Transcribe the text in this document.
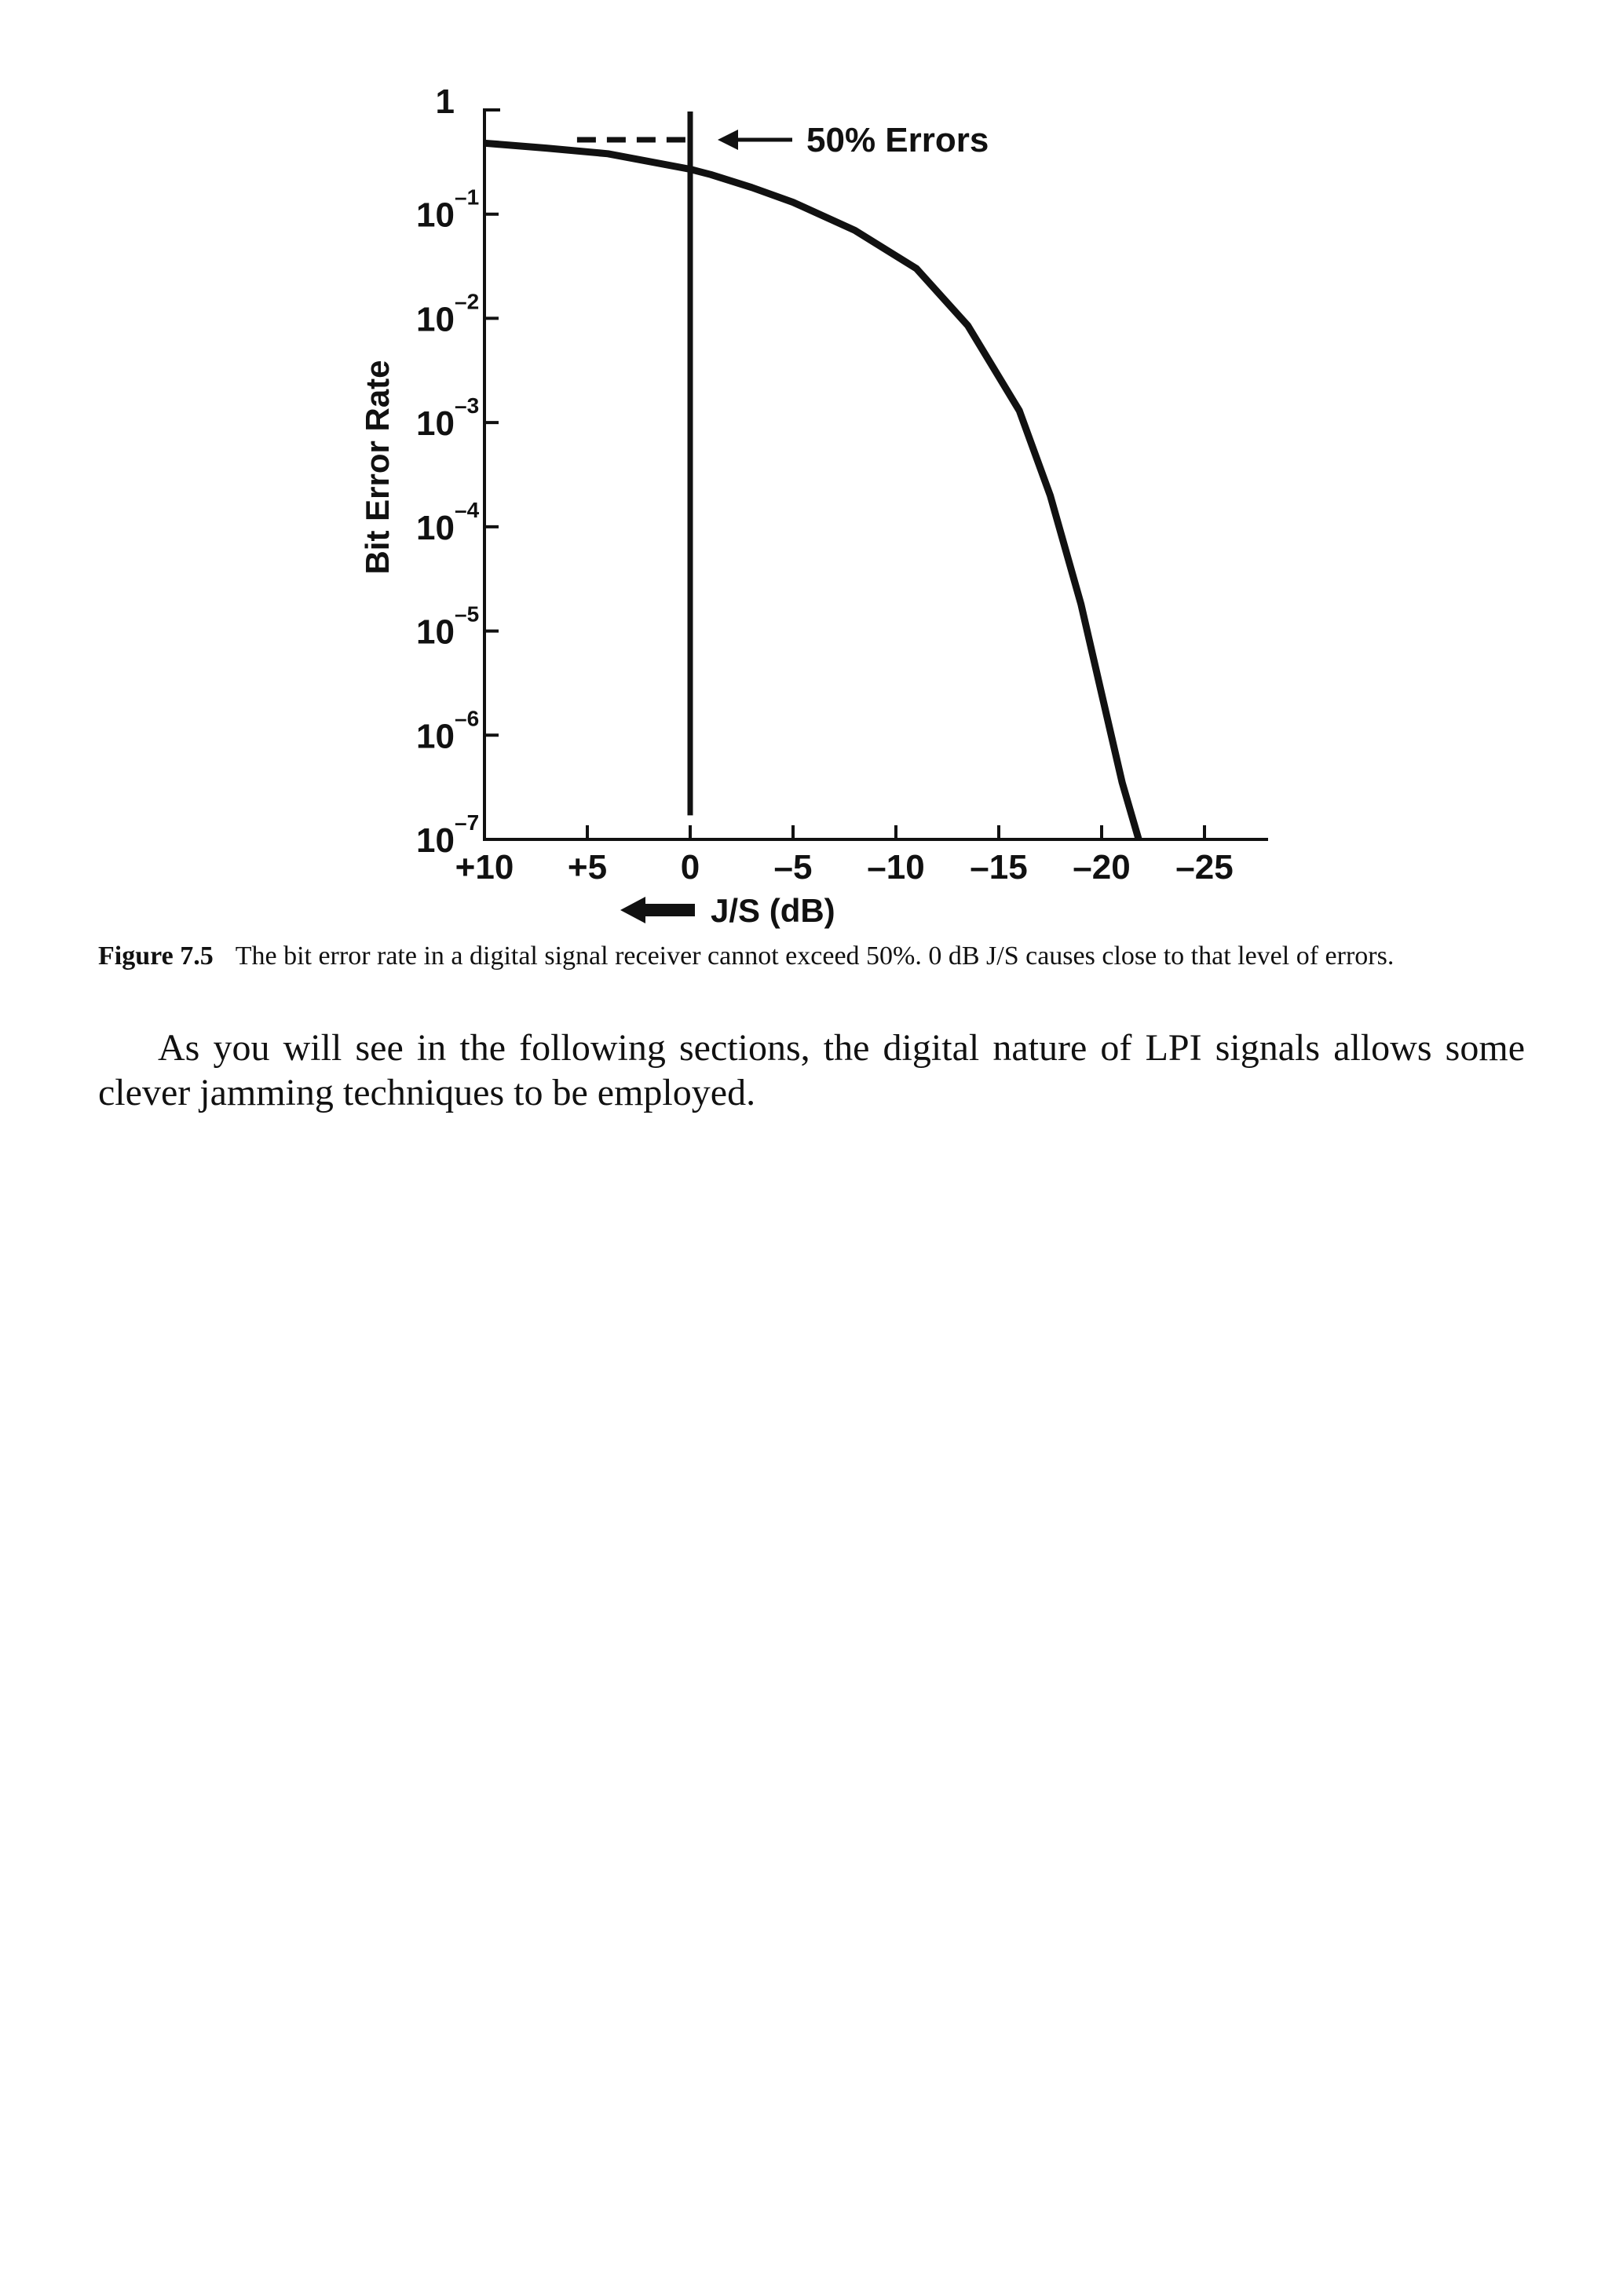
+10 +5 0 –5 –10 –15 –20 –25
1
10 –1
10 –2
10 –3
10 –4
10 –5
10 –6
10 –7
50% Errors
Bit Error Rate
J/S (dB)
Figure 7.5 The bit error rate in a digital signal receiver cannot exceed 50%. 0 dB J/S causes close to that level of errors.
As you will see in the following sections, the digital nature of LPI signals allows some clever jamming techniques to be employed.
